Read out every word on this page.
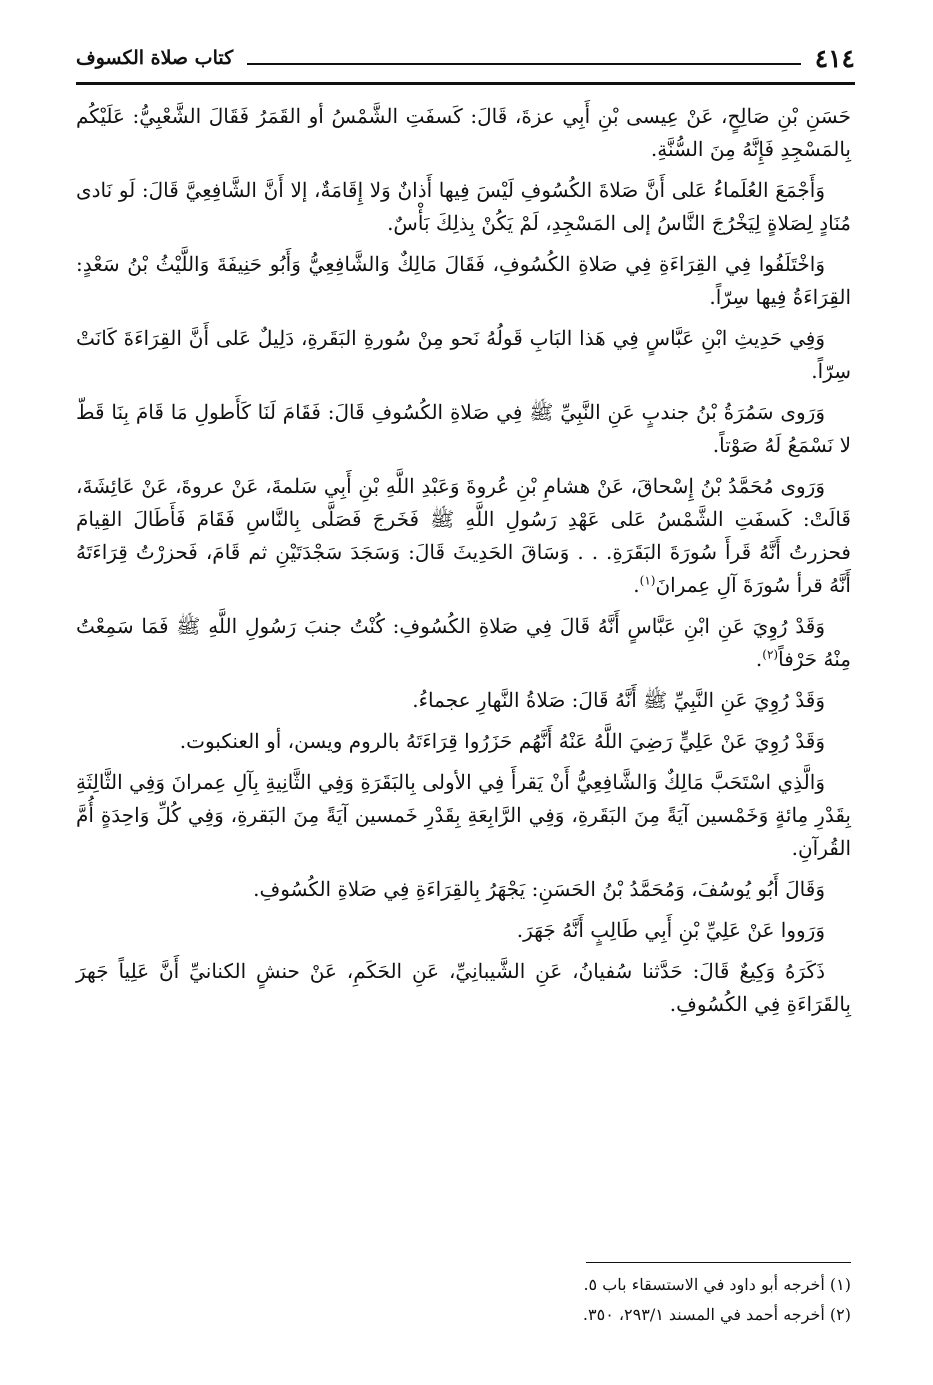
٤١٤
كتاب صلاة الكسوف

حَسَنِ بْنِ صَالِحٍ، عَنْ عِيسى بْنِ أَبِي عزةَ، قَالَ: كَسفَتِ الشَّمْسُ أو القَمَرُ فَقَالَ الشَّعْبِيُّ: عَلَيْكُم بِالمَسْجِدِ فَإِنَّهُ مِنَ السُّنَّةِ.

وَأَجْمَعَ العُلَماءُ عَلى أَنَّ صَلاةَ الكُسُوفِ لَيْسَ فِيها أَذانٌ وَلا إِقَامَةٌ، إلا أَنَّ الشَّافِعِيَّ قَالَ: لَو نَادى مُنَادٍ لِصَلاةٍ لِيَخْرُجَ النَّاسُ إلى المَسْجِدِ، لَمْ يَكُنْ بِذلِكَ بَأْسٌ.

وَاخْتَلَفُوا فِي القِرَاءَةِ فِي صَلاةِ الكُسُوفِ، فَقَالَ مَالِكٌ وَالشَّافِعِيُّ وَأَبُو حَنِيفَةَ وَاللَّيْثُ بْنُ سَعْدٍ: القِرَاءَةُ فِيها سِرّاً.

وَفِي حَدِيثِ ابْنِ عَبَّاسٍ فِي هَذا البَابِ قَولُهُ نَحو مِنْ سُورةِ البَقَرةِ، دَلِيلٌ عَلى أَنَّ القِرَاءَةَ كَانَتْ سِرّاً.

وَرَوى سَمُرَةُ بْنُ جندبٍ عَنِ النَّبِيِّ ﷺ فِي صَلاةِ الكُسُوفِ قَالَ: فَقَامَ لَنَا كَأَطولِ مَا قَامَ بِنَا قَطّ لا نَسْمَعُ لَهُ صَوْتاً.

وَرَوى مُحَمَّدُ بْنُ إِسْحاقَ، عَنْ هشامِ بْنِ عُروةَ وَعَبْدِ اللَّهِ بْنِ أَبِي سَلمةَ، عَنْ عروةَ، عَنْ عَائِشَةَ، قَالَتْ: كَسفَتِ الشَّمْسُ عَلى عَهْدِ رَسُولِ اللَّهِ ﷺ فَخَرجَ فَصَلَّى بِالنَّاسِ فَقَامَ فَأَطَالَ القِيامَ فحزرتُ أَنَّهُ قَرأَ سُورَةَ البَقَرَةِ. . . وَسَاقَ الحَدِيثَ قَالَ: وَسَجَدَ سَجْدَتَيْنِ ثم قَامَ، فَحزرْتُ قِرَاءَتَهُ أَنَّهُ قرأ سُورَةَ آلِ عِمرانَ$^{(١)}$.

وَقَدْ رُوِيَ عَنِ ابْنِ عَبَّاسٍ أَنَّهُ قَالَ فِي صَلاةِ الكُسُوفِ: كُنْتُ جنبَ رَسُولِ اللَّهِ ﷺ فَمَا سَمِعْتُ مِنْهُ حَرْفاً$^{(٢)}$.

وَقَدْ رُوِيَ عَنِ النَّبِيِّ ﷺ أَنَّهُ قَالَ: صَلاةُ النَّهارِ عجماءُ.

وَقَدْ رُوِيَ عَنْ عَلِيٍّ رَضِيَ اللَّهُ عَنْهُ أَنَّهُم حَزَرُوا قِرَاءَتَهُ بالروم ويسن، أو العنكبوت.

وَالَّذِي اسْتَحَبَّ مَالِكٌ وَالشَّافِعِيُّ أَنْ يَقرأَ فِي الأولى بِالبَقَرَةِ وَفِي الثَّانِيةِ بِآلِ عِمرانَ وَفِي الثَّالِثَةِ بِقَدْرِ مِائةٍ وَخَمْسين آيَةً مِنَ البَقَرةِ، وَفِي الرَّابِعَةِ بِقَدْرِ خَمسين آيَةً مِنَ البَقرةِ، وَفِي كُلِّ وَاحِدَةٍ أُمَّ القُرآنِ.

وَقَالَ أَبُو يُوسُفَ، وَمُحَمَّدُ بْنُ الحَسَنِ: يَجْهَرُ بِالقِرَاءَةِ فِي صَلاةِ الكُسُوفِ.

وَرَووا عَنْ عَلِيِّ بْنِ أَبِي طَالِبٍ أَنَّهُ جَهَرَ.

ذَكَرَهُ وَكِيعٌ قَالَ: حَدَّثنا سُفيانُ، عَنِ الشَّيبانِيِّ، عَنِ الحَكَمِ، عَنْ حنشٍ الكنانيِّ أَنَّ عَلِياً جَهرَ بِالقَرَاءَةِ فِي الكُسُوفِ.

(١) أخرجه أبو داود في الاستسقاء باب ٥.

(٢) أخرجه أحمد في المسند ٢٩٣/١، ٣٥٠.
